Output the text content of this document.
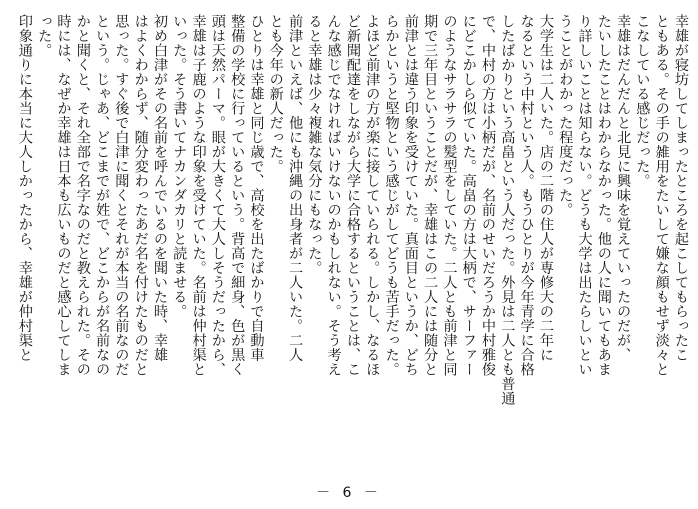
幸雄が寝坊してしまったところを起こしてもらったこ
ともある。その手の雑用をたいして嫌な顔もせず淡々と
こなしている感じだった。
幸雄はだんだんと北見に興味を覚えていったのだが、
たいしたことはわからなかった。他の人に聞いてもあま
り詳しいことは知らない。どうも大学は出たらしいとい
うことがわかった程度だった。
大学生は二人いた。店の二階の住人が専修大の二年に
なるという中村という人。もうひとりが今年青学に合格
したばかりという高畠という人だった。外見は二人とも普通
で、中村の方は小柄だが、名前のせいだろうか中村雅俊
にどこかしら似ていた。高畠の方は大柄で、サーファー
のようなサラサラの髪型をしていた。二人とも前津と同
期で三年目ということだが、幸雄はこの二人には随分と
前津とは違う印象を受けていた。真面目というか、どち
らかというと堅物という感じがしてどうも苦手だった。
よほど前津の方が楽に接していられる。しかし、なるほ
ど新聞配達をしながら大学に合格するということは、こ
んな感じでなければいけないのかもしれない。そう考え
ると幸雄は少々複雑な気分にもなった。
前津といえば、他にも沖縄の出身者が二人いた。二人
とも今年の新人だった。
ひとりは幸雄と同じ歳で、高校を出たばかりで自動車
整備の学校に行っているという。背高で細身、色が黒く
頭は天然パーマ。眼が大きくて大人しそうだったから、
幸雄は子鹿のような印象を受けていた。名前は仲村渠と
いった。そう書いてナカンダカリと読ませる。
初め白津がその名前を呼んでいるのを聞いた時、幸雄
はよくわからず、随分変わったあだ名を付けたものだと
思った。すぐ後で白津に聞くとそれが本当の名前なのだ
という。じゃあ、どこまでが姓で、どこからが名前なの
かと聞くと、それ全部で名字なのだと教えられた。その
時には、なぜか幸雄は日本も広いものだと感心してしま
った。
印象通りに本当に大人しかったから、幸雄が仲村渠と
－ 6 －
